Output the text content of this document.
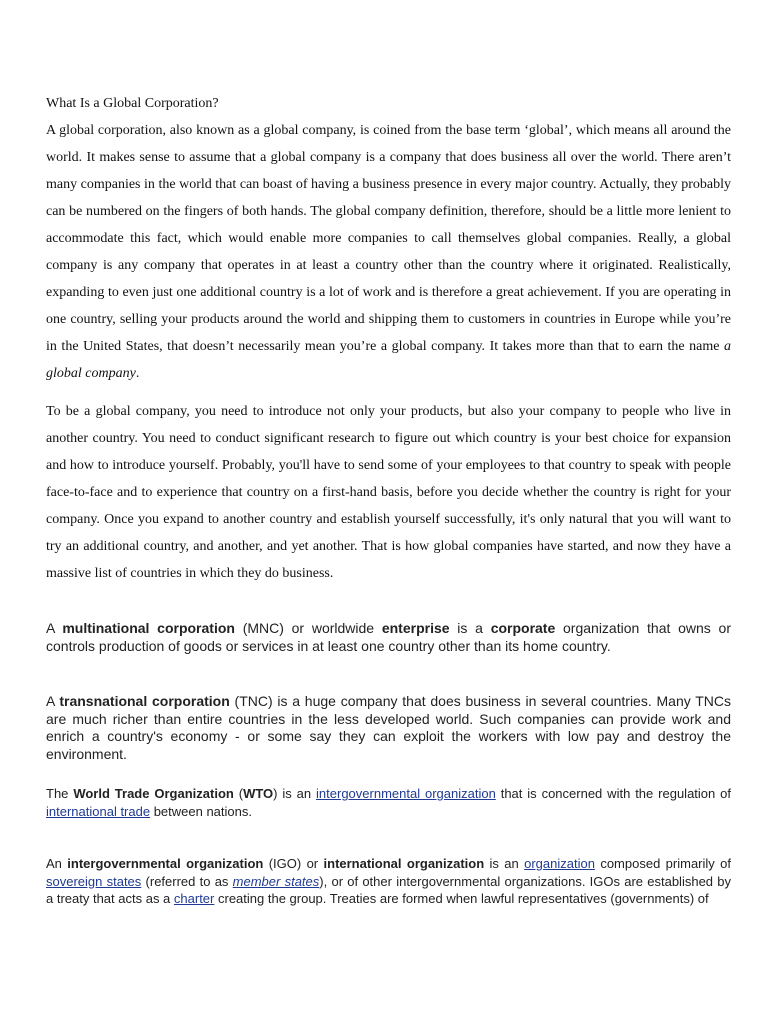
What Is a Global Corporation?

A global corporation, also known as a global company, is coined from the base term ‘global’, which means all around the world. It makes sense to assume that a global company is a company that does business all over the world. There aren’t many companies in the world that can boast of having a business presence in every major country. Actually, they probably can be numbered on the fingers of both hands. The global company definition, therefore, should be a little more lenient to accommodate this fact, which would enable more companies to call themselves global companies. Really, a global company is any company that operates in at least a country other than the country where it originated. Realistically, expanding to even just one additional country is a lot of work and is therefore a great achievement. If you are operating in one country, selling your products around the world and shipping them to customers in countries in Europe while you’re in the United States, that doesn’t necessarily mean you’re a global company. It takes more than that to earn the name a global company.

To be a global company, you need to introduce not only your products, but also your company to people who live in another country. You need to conduct significant research to figure out which country is your best choice for expansion and how to introduce yourself. Probably, you'll have to send some of your employees to that country to speak with people face-to-face and to experience that country on a first-hand basis, before you decide whether the country is right for your company. Once you expand to another country and establish yourself successfully, it's only natural that you will want to try an additional country, and another, and yet another. That is how global companies have started, and now they have a massive list of countries in which they do business.

A multinational corporation (MNC) or worldwide enterprise is a corporate organization that owns or controls production of goods or services in at least one country other than its home country.

A transnational corporation (TNC) is a huge company that does business in several countries. Many TNCs are much richer than entire countries in the less developed world. Such companies can provide work and enrich a country's economy - or some say they can exploit the workers with low pay and destroy the environment.

The World Trade Organization (WTO) is an intergovernmental organization that is concerned with the regulation of international trade between nations.

An intergovernmental organization (IGO) or international organization is an organization composed primarily of sovereign states (referred to as member states), or of other intergovernmental organizations. IGOs are established by a treaty that acts as a charter creating the group. Treaties are formed when lawful representatives (governments) of
